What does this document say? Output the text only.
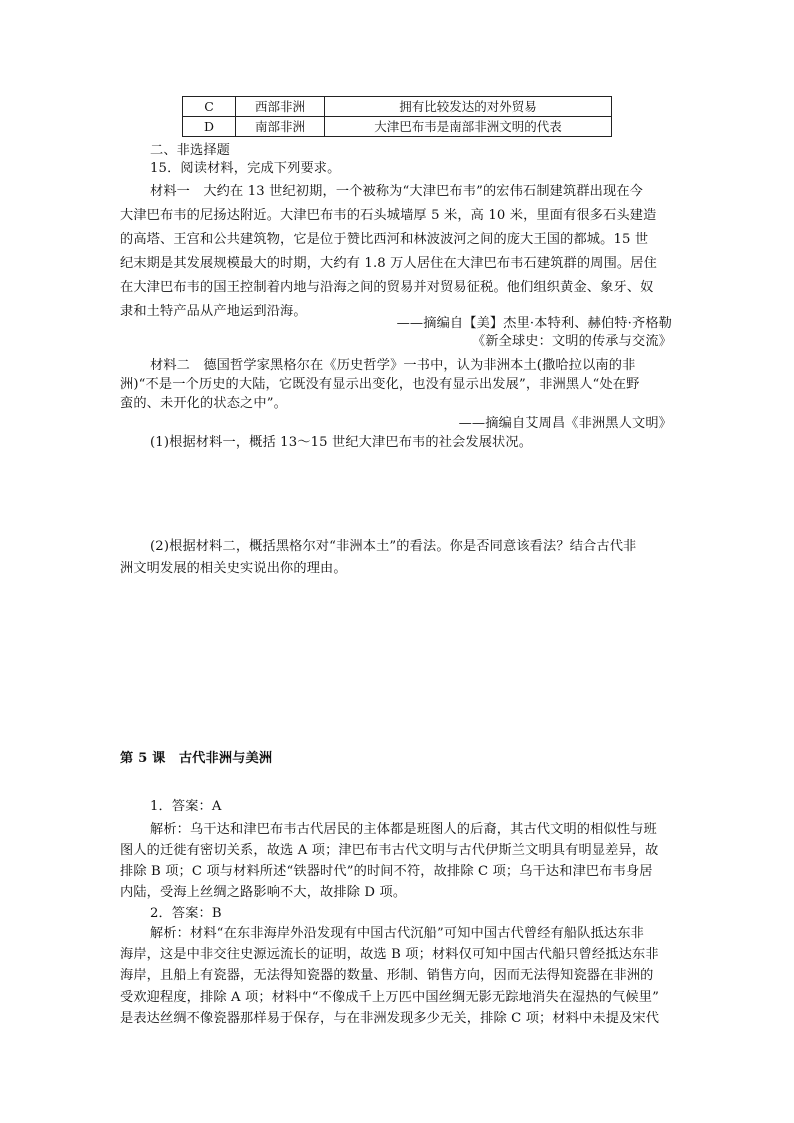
C	西部非洲	拥有比较发达的对外贸易
D	南部非洲	大津巴布韦是南部非洲文明的代表
二、非选择题
15．阅读材料，完成下列要求。
材料一　大约在 13 世纪初期，一个被称为“大津巴布韦”的宏伟石制建筑群出现在今
大津巴布韦的尼扬达附近。大津巴布韦的石头城墙厚 5 米，高 10 米，里面有很多石头建造
的高塔、王宫和公共建筑物，它是位于赞比西河和林波波河之间的庞大王国的都城。15 世
纪末期是其发展规模最大的时期，大约有 1.8 万人居住在大津巴布韦石建筑群的周围。居住
在大津巴布韦的国王控制着内地与沿海之间的贸易并对贸易征税。他们组织黄金、象牙、奴
隶和土特产品从产地运到沿海。
——摘编自【美】杰里·本特利、赫伯特·齐格勒
《新全球史：文明的传承与交流》
材料二　德国哲学家黑格尔在《历史哲学》一书中，认为非洲本土(撒哈拉以南的非
洲)“不是一个历史的大陆，它既没有显示出变化，也没有显示出发展”，非洲黑人“处在野
蛮的、未开化的状态之中”。
——摘编自艾周昌《非洲黑人文明》
(1)根据材料一，概括 13～15 世纪大津巴布韦的社会发展状况。
(2)根据材料二，概括黑格尔对“非洲本土”的看法。你是否同意该看法？结合古代非
洲文明发展的相关史实说出你的理由。
第 5 课　古代非洲与美洲
1．答案：A
解析：乌干达和津巴布韦古代居民的主体都是班图人的后裔，其古代文明的相似性与班
图人的迁徙有密切关系，故选 A 项；津巴布韦古代文明与古代伊斯兰文明具有明显差异，故
排除 B 项；C 项与材料所述“铁器时代”的时间不符，故排除 C 项；乌干达和津巴布韦身居
内陆，受海上丝绸之路影响不大，故排除 D 项。
2．答案：B
解析：材料“在东非海岸外沿发现有中国古代沉船”可知中国古代曾经有船队抵达东非
海岸，这是中非交往史源远流长的证明，故选 B 项；材料仅可知中国古代船只曾经抵达东非
海岸，且船上有瓷器，无法得知瓷器的数量、形制、销售方向，因而无法得知瓷器在非洲的
受欢迎程度，排除 A 项；材料中“不像成千上万匹中国丝绸无影无踪地消失在湿热的气候里”
是表达丝绸不像瓷器那样易于保存，与在非洲发现多少无关，排除 C 项；材料中未提及宋代
